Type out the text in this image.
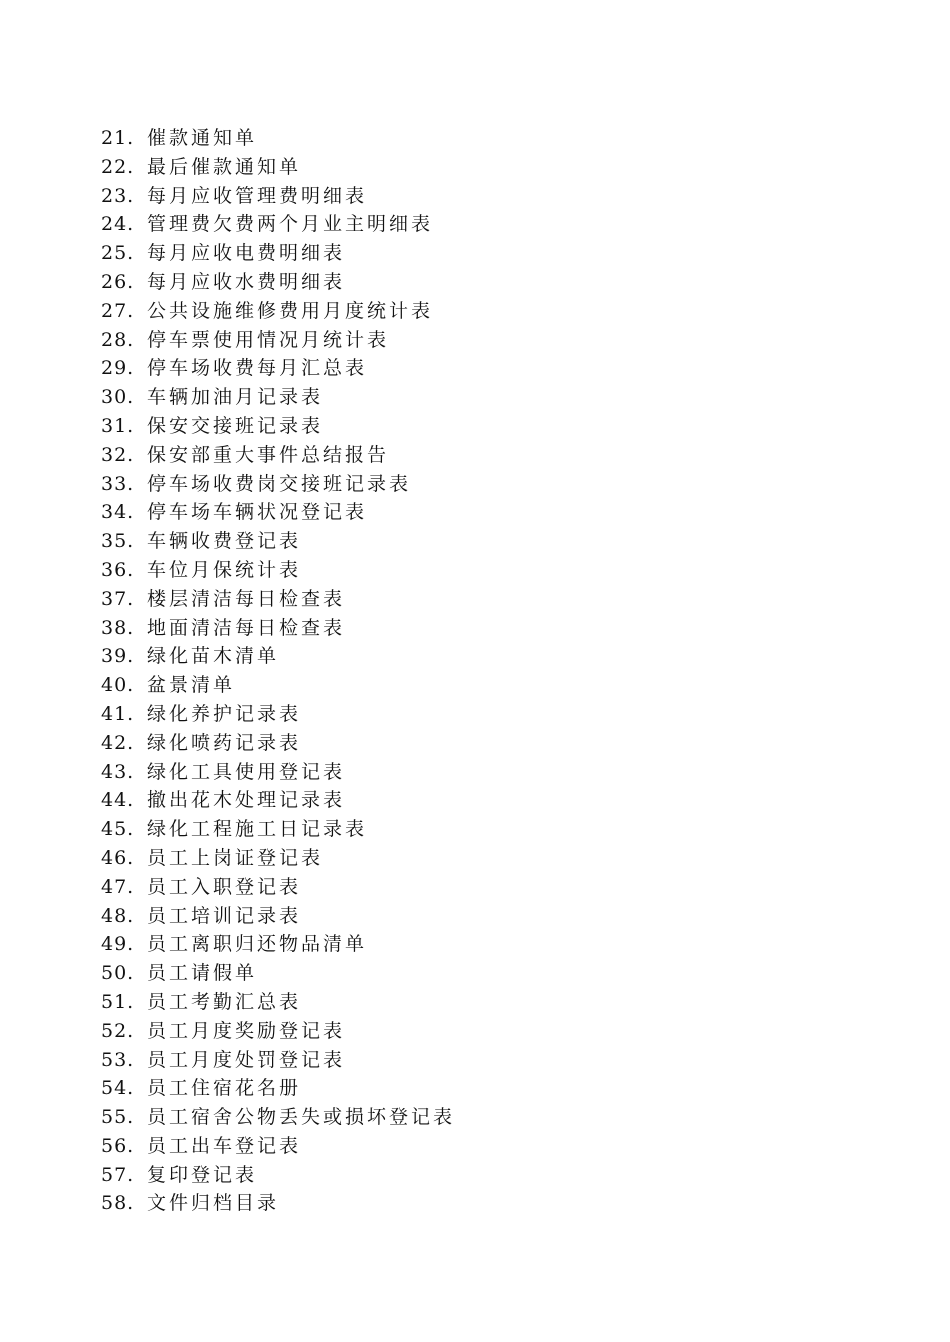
21. 催款通知单
22. 最后催款通知单
23. 每月应收管理费明细表
24. 管理费欠费两个月业主明细表
25. 每月应收电费明细表
26. 每月应收水费明细表
27. 公共设施维修费用月度统计表
28. 停车票使用情况月统计表
29. 停车场收费每月汇总表
30. 车辆加油月记录表
31. 保安交接班记录表
32. 保安部重大事件总结报告
33. 停车场收费岗交接班记录表
34. 停车场车辆状况登记表
35. 车辆收费登记表
36. 车位月保统计表
37. 楼层清洁每日检查表
38. 地面清洁每日检查表
39. 绿化苗木清单
40. 盆景清单
41. 绿化养护记录表
42. 绿化喷药记录表
43. 绿化工具使用登记表
44. 撤出花木处理记录表
45. 绿化工程施工日记录表
46. 员工上岗证登记表
47. 员工入职登记表
48. 员工培训记录表
49. 员工离职归还物品清单
50. 员工请假单
51. 员工考勤汇总表
52. 员工月度奖励登记表
53. 员工月度处罚登记表
54. 员工住宿花名册
55. 员工宿舍公物丢失或损坏登记表
56. 员工出车登记表
57. 复印登记表
58. 文件归档目录
